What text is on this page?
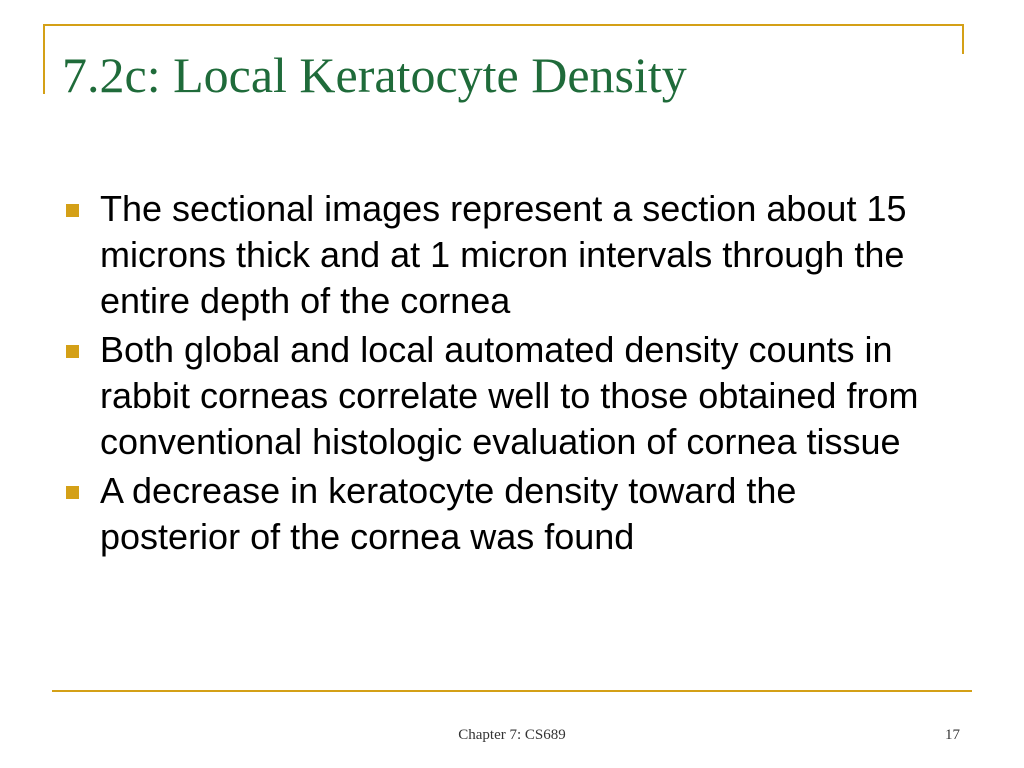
7.2c: Local Keratocyte Density
The sectional images represent a section about 15 microns thick and at 1 micron intervals through the entire depth of the cornea
Both global and local automated density counts in rabbit corneas correlate well to those obtained from conventional histologic evaluation of cornea tissue
A decrease in keratocyte density toward the posterior of the cornea was found
Chapter 7: CS689	17
